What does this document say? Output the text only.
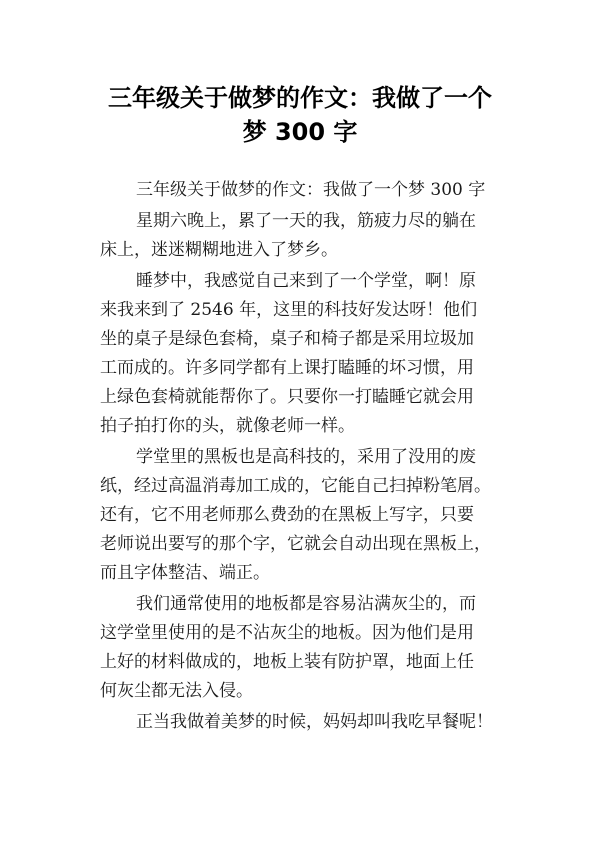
三年级关于做梦的作文：我做了一个
梦 300 字
三年级关于做梦的作文：我做了一个梦 300 字
星期六晚上，累了一天的我，筋疲力尽的躺在
床上，迷迷糊糊地进入了梦乡。
睡梦中，我感觉自己来到了一个学堂，啊！原
来我来到了 2546 年，这里的科技好发达呀！他们
坐的桌子是绿色套椅，桌子和椅子都是采用垃圾加
工而成的。许多同学都有上课打瞌睡的坏习惯，用
上绿色套椅就能帮你了。只要你一打瞌睡它就会用
拍子拍打你的头，就像老师一样。
学堂里的黑板也是高科技的，采用了没用的废
纸，经过高温消毒加工成的，它能自己扫掉粉笔屑。
还有，它不用老师那么费劲的在黑板上写字，只要
老师说出要写的那个字，它就会自动出现在黑板上，
而且字体整洁、端正。
我们通常使用的地板都是容易沾满灰尘的，而
这学堂里使用的是不沾灰尘的地板。因为他们是用
上好的材料做成的，地板上装有防护罩，地面上任
何灰尘都无法入侵。
正当我做着美梦的时候，妈妈却叫我吃早餐呢！
